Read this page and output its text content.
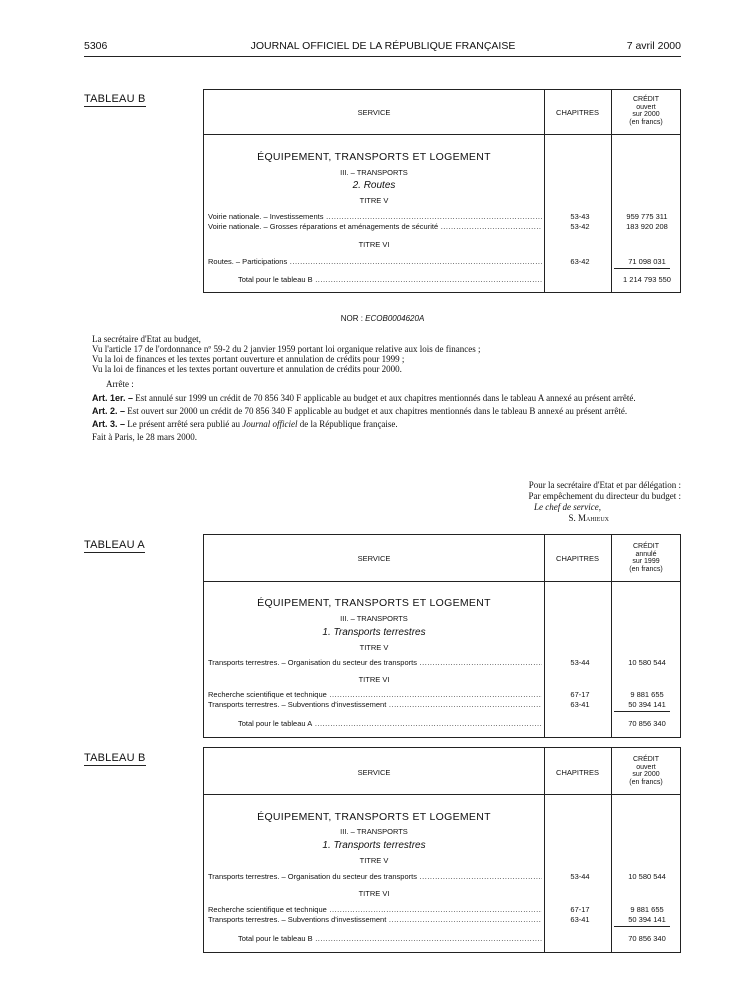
5306	JOURNAL OFFICIEL DE LA RÉPUBLIQUE FRANÇAISE	7 avril 2000
TABLEAU B
SERVICE	CHAPITRES
CRÉDIT
ouvert
sur 2000
(en francs)
ÉQUIPEMENT, TRANSPORTS ET LOGEMENT
III. – TRANSPORTS
2. Routes
TITRE V
Voirie nationale. – Investissements .....	53-43	959 775 311
Voirie nationale. – Grosses réparations et aménagements de sécurité .....	53-42	183 920 208
TITRE VI
Routes. – Participations .....	63-42	71 098 031
Total pour le tableau B .....	1 214 793 550
NOR : ECOB0004620A
La secrétaire d'Etat au budget,
Vu l'article 17 de l'ordonnance nº 59-2 du 2 janvier 1959 portant loi organique relative aux lois de finances ;
Vu la loi de finances et les textes portant ouverture et annulation de crédits pour 1999 ;
Vu la loi de finances et les textes portant ouverture et annulation de crédits pour 2000.
Arrête :
Art. 1er. – Est annulé sur 1999 un crédit de 70 856 340 F applicable au budget et aux chapitres mentionnés dans le tableau A annexé au présent arrêté.
Art. 2. – Est ouvert sur 2000 un crédit de 70 856 340 F applicable au budget et aux chapitres mentionnés dans le tableau B annexé au présent arrêté.
Art. 3. – Le présent arrêté sera publié au Journal officiel de la République française.
Fait à Paris, le 28 mars 2000.
Pour la secrétaire d'Etat et par délégation :
Par empêchement du directeur du budget :
Le chef de service,
S. Mahieux
TABLEAU A
SERVICE	CHAPITRES
CRÉDIT
annulé
sur 1999
(en francs)
ÉQUIPEMENT, TRANSPORTS ET LOGEMENT
III. – TRANSPORTS
1. Transports terrestres
TITRE V
Transports terrestres. – Organisation du secteur des transports .....	53-44	10 580 544
TITRE VI
Recherche scientifique et technique .....	67-17	9 881 655
Transports terrestres. – Subventions d'investissement .....	63-41	50 394 141
Total pour le tableau A .....	70 856 340
TABLEAU B
SERVICE	CHAPITRES
CRÉDIT
ouvert
sur 2000
(en francs)
ÉQUIPEMENT, TRANSPORTS ET LOGEMENT
III. – TRANSPORTS
1. Transports terrestres
TITRE V
Transports terrestres. – Organisation du secteur des transports .....	53-44	10 580 544
TITRE VI
Recherche scientifique et technique .....	67-17	9 881 655
Transports terrestres. – Subventions d'investissement .....	63-41	50 394 141
Total pour le tableau B .....	70 856 340
